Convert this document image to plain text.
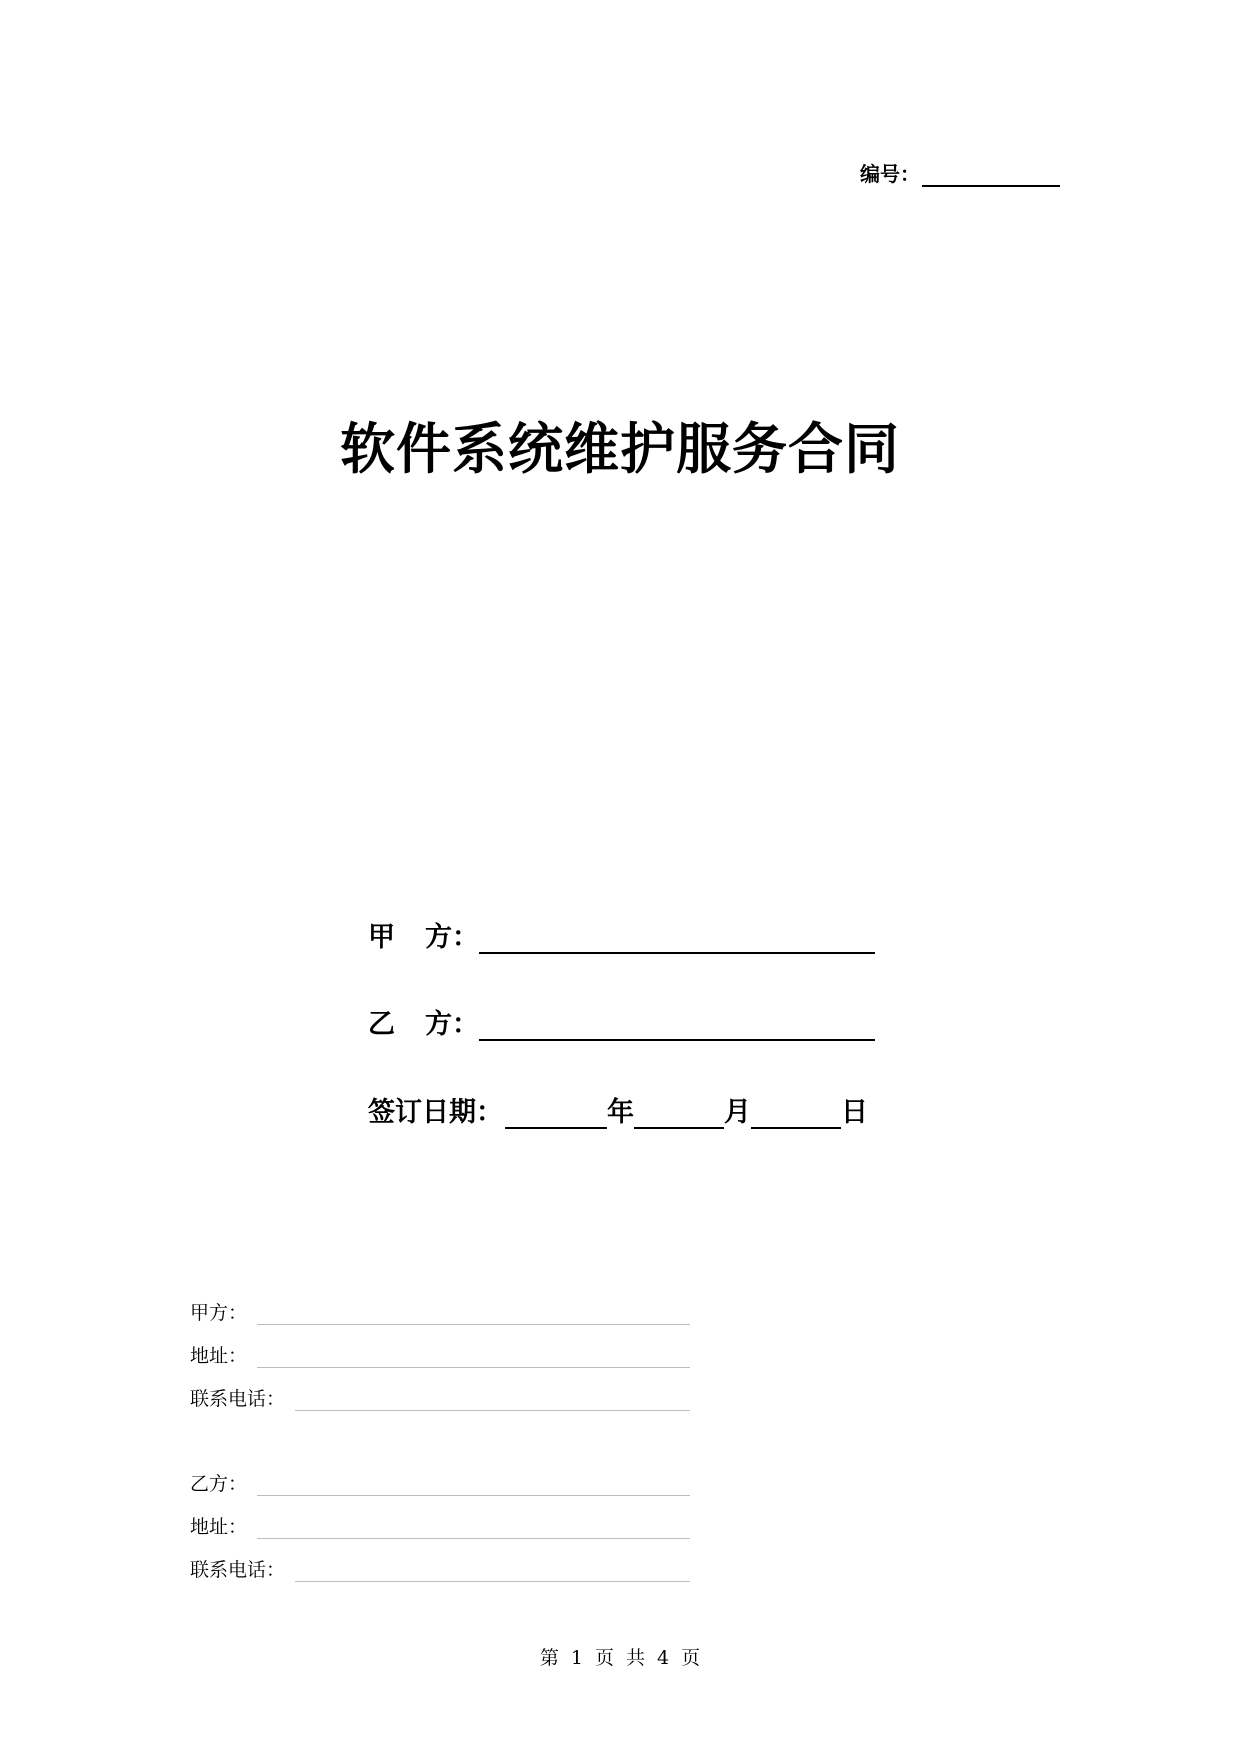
编号：
软件系统维护服务合同
甲 方：
乙 方：
签订日期：	年	月	日
甲方：
地址：
联系电话：
乙方：
地址：
联系电话：
第 1 页 共 4 页
